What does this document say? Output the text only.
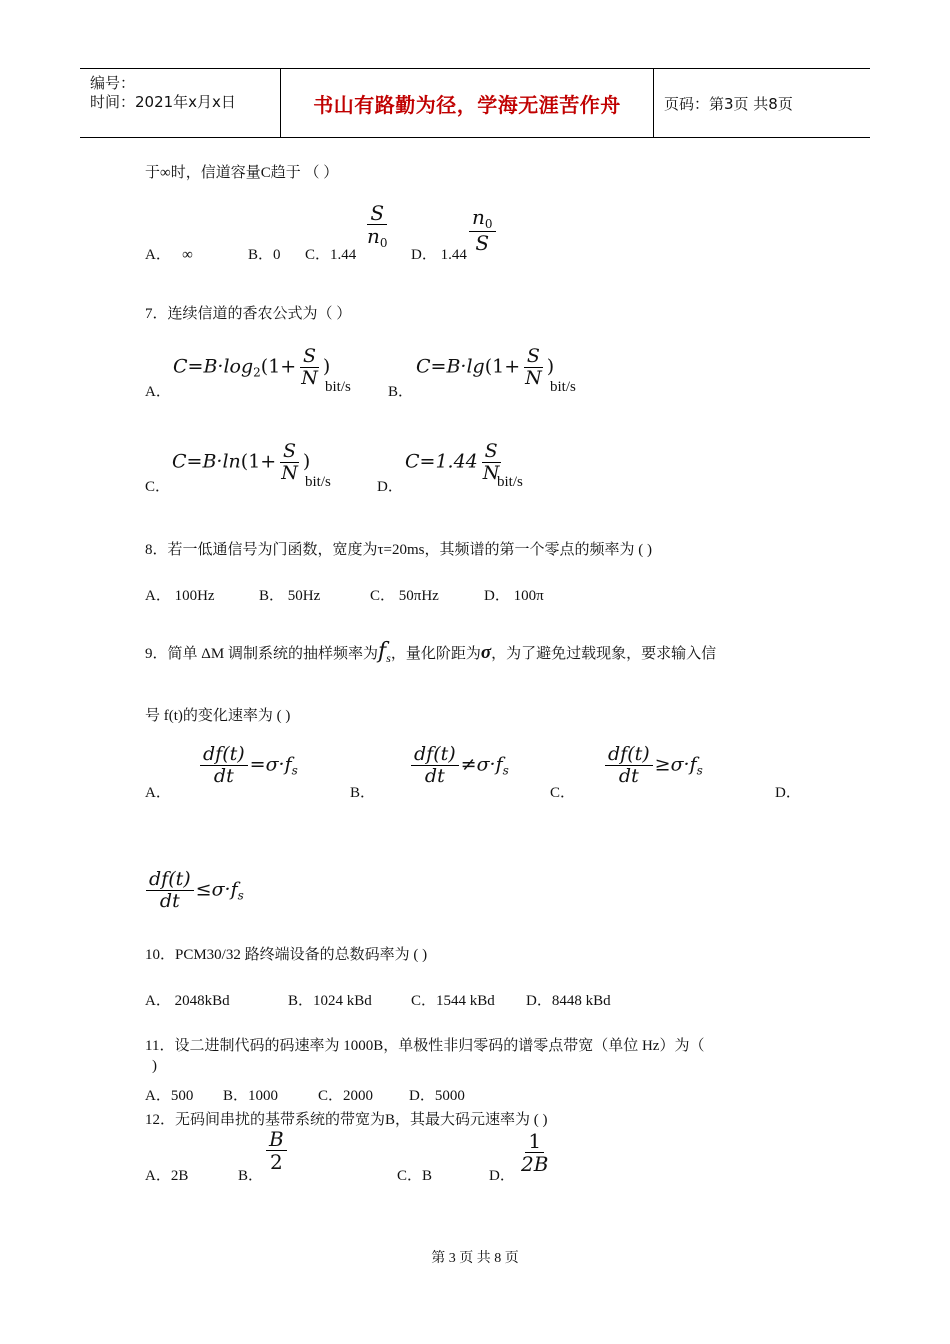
编号：
时间：2021年x月x日	书山有路勤为径，学海无涯苦作舟	页码：第3页 共8页
于∞时，信道容量C趋于 （ ）
A． ∞	B．0 C．1.44
$\frac{S}{n_0}$
D． 1.44
$\frac{n_0}{S}$
7．连续信道的香农公式为（ ）
A．
$C=B\cdot\log_2(1+ \frac{S}{N}$ )
bit/s B．
$C=B\cdot\lg(1+ \frac{S}{N}$ )
bit/s
C．
$C=B\cdot\ln(1+ \frac{S}{N}$ )
bit/s	D．
$C=1.44 \frac{S}{N}$
bit/s
8．若一低通信号为门函数，宽度为τ=20ms，其频谱的第一个零点的频率为 ( )
A． 100Hz	B． 50Hz	C． 50πHz	D． 100π
9．简单 ΔM 调制系统的抽样频率为$f_s$，量化阶距为σ，为了避免过载现象，要求输入信
号 f(t)的变化速率为 ( )
A．
$\frac{df(t)}{dt} =\sigma\cdot f_s$
B．
$\frac{df(t)}{dt} \ne\sigma\cdot f_s$
C．
$\frac{df(t)}{dt} \ge\sigma\cdot f_s$
D．
$\frac{df(t)}{dt} \le\sigma\cdot f_s$
10．PCM30/32 路终端设备的总数码率为 ( )
A． 2048kBd	B．1024 kBd	C．1544 kBd D．8448 kBd
11．设二进制代码的码速率为 1000B，单极性非归零码的谱零点带宽（单位 Hz）为（
)
A．500 B．1000	C．2000 D．5000
12．无码间串扰的基带系统的带宽为B，其最大码元速率为 ( )
A．2B	B．
$\frac{B}{2}$
C．B	D．
$\frac{1}{2B}$
第 3 页 共 8 页
